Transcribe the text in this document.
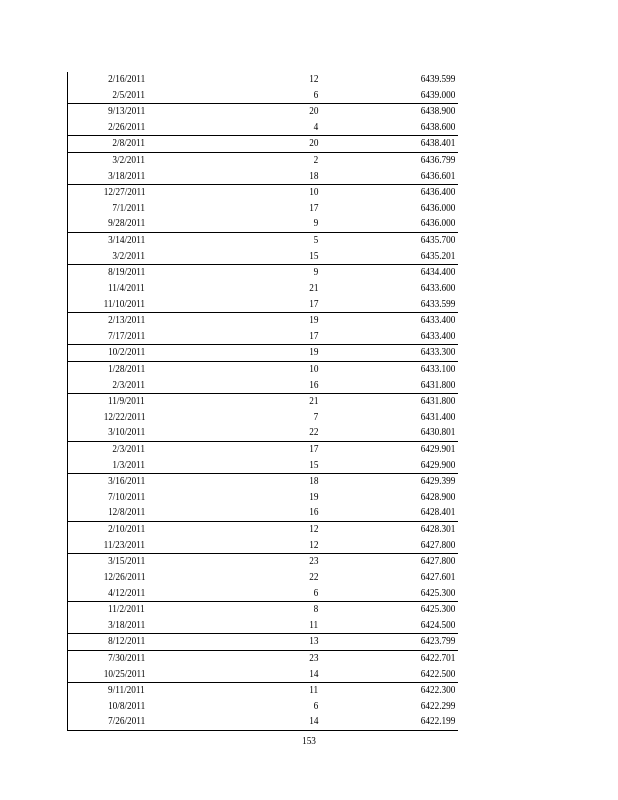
2/16/2011	12	6439.599
2/5/2011	6	6439.000
9/13/2011	20	6438.900
2/26/2011	4	6438.600
2/8/2011	20	6438.401
3/2/2011	2	6436.799
3/18/2011	18	6436.601
12/27/2011	10	6436.400
7/1/2011	17	6436.000
9/28/2011	9	6436.000
3/14/2011	5	6435.700
3/2/2011	15	6435.201
8/19/2011	9	6434.400
11/4/2011	21	6433.600
11/10/2011	17	6433.599
2/13/2011	19	6433.400
7/17/2011	17	6433.400
10/2/2011	19	6433.300
1/28/2011	10	6433.100
2/3/2011	16	6431.800
11/9/2011	21	6431.800
12/22/2011	7	6431.400
3/10/2011	22	6430.801
2/3/2011	17	6429.901
1/3/2011	15	6429.900
3/16/2011	18	6429.399
7/10/2011	19	6428.900
12/8/2011	16	6428.401
2/10/2011	12	6428.301
11/23/2011	12	6427.800
3/15/2011	23	6427.800
12/26/2011	22	6427.601
4/12/2011	6	6425.300
11/2/2011	8	6425.300
3/18/2011	11	6424.500
8/12/2011	13	6423.799
7/30/2011	23	6422.701
10/25/2011	14	6422.500
9/11/2011	11	6422.300
10/8/2011	6	6422.299
7/26/2011	14	6422.199
153
